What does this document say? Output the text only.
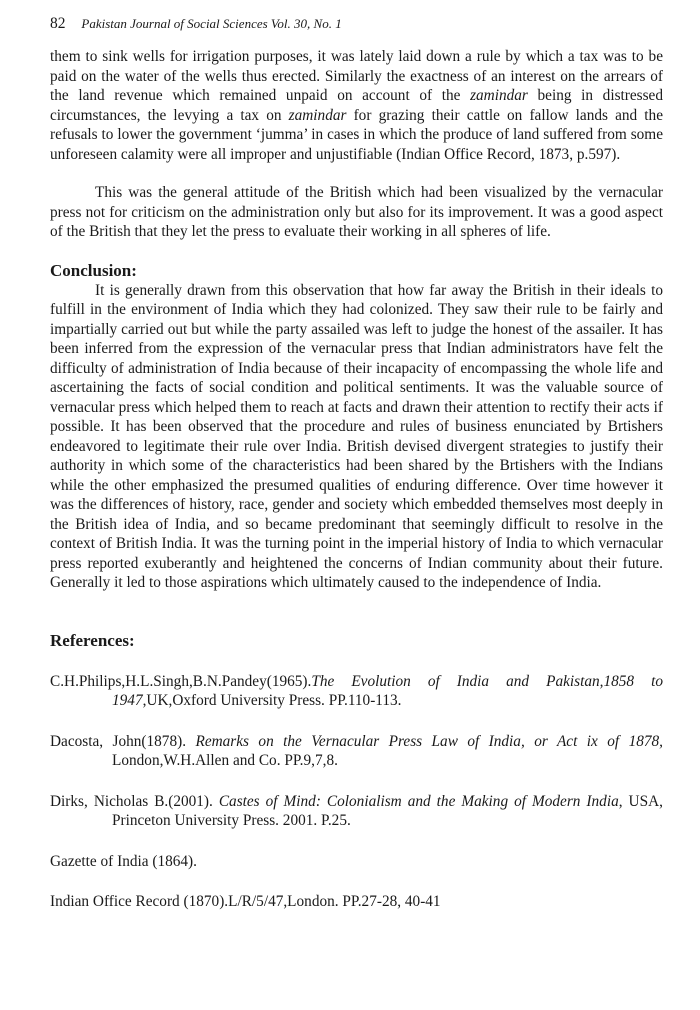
82 Pakistan Journal of Social Sciences Vol. 30, No. 1

them to sink wells for irrigation purposes, it was lately laid down a rule by which a tax was to be paid on the water of the wells thus erected. Similarly the exactness of an interest on the arrears of the land revenue which remained unpaid on account of the zamindar being in distressed circumstances, the levying a tax on zamindar for grazing their cattle on fallow lands and the refusals to lower the government ‘jumma’ in cases in which the produce of land suffered from some unforeseen calamity were all improper and unjustifiable (Indian Office Record, 1873, p.597).

This was the general attitude of the British which had been visualized by the vernacular press not for criticism on the administration only but also for its improvement. It was a good aspect of the British that they let the press to evaluate their working in all spheres of life.

Conclusion:

It is generally drawn from this observation that how far away the British in their ideals to fulfill in the environment of India which they had colonized. They saw their rule to be fairly and impartially carried out but while the party assailed was left to judge the honest of the assailer. It has been inferred from the expression of the vernacular press that Indian administrators have felt the difficulty of administration of India because of their incapacity of encompassing the whole life and ascertaining the facts of social condition and political sentiments. It was the valuable source of vernacular press which helped them to reach at facts and drawn their attention to rectify their acts if possible. It has been observed that the procedure and rules of business enunciated by Brtishers endeavored to legitimate their rule over India. British devised divergent strategies to justify their authority in which some of the characteristics had been shared by the Brtishers with the Indians while the other emphasized the presumed qualities of enduring difference. Over time however it was the differences of history, race, gender and society which embedded themselves most deeply in the British idea of India, and so became predominant that seemingly difficult to resolve in the context of British India. It was the turning point in the imperial history of India to which vernacular press reported exuberantly and heightened the concerns of Indian community about their future. Generally it led to those aspirations which ultimately caused to the independence of India.

References:

C.H.Philips,H.L.Singh,B.N.Pandey(1965).The Evolution of India and Pakistan,1858 to 1947,UK,Oxford University Press. PP.110-113.

Dacosta, John(1878). Remarks on the Vernacular Press Law of India, or Act ix of 1878, London,W.H.Allen and Co. PP.9,7,8.

Dirks, Nicholas B.(2001). Castes of Mind: Colonialism and the Making of Modern India, USA, Princeton University Press. 2001. P.25.

Gazette of India (1864).

Indian Office Record (1870).L/R/5/47,London. PP.27-28, 40-41
